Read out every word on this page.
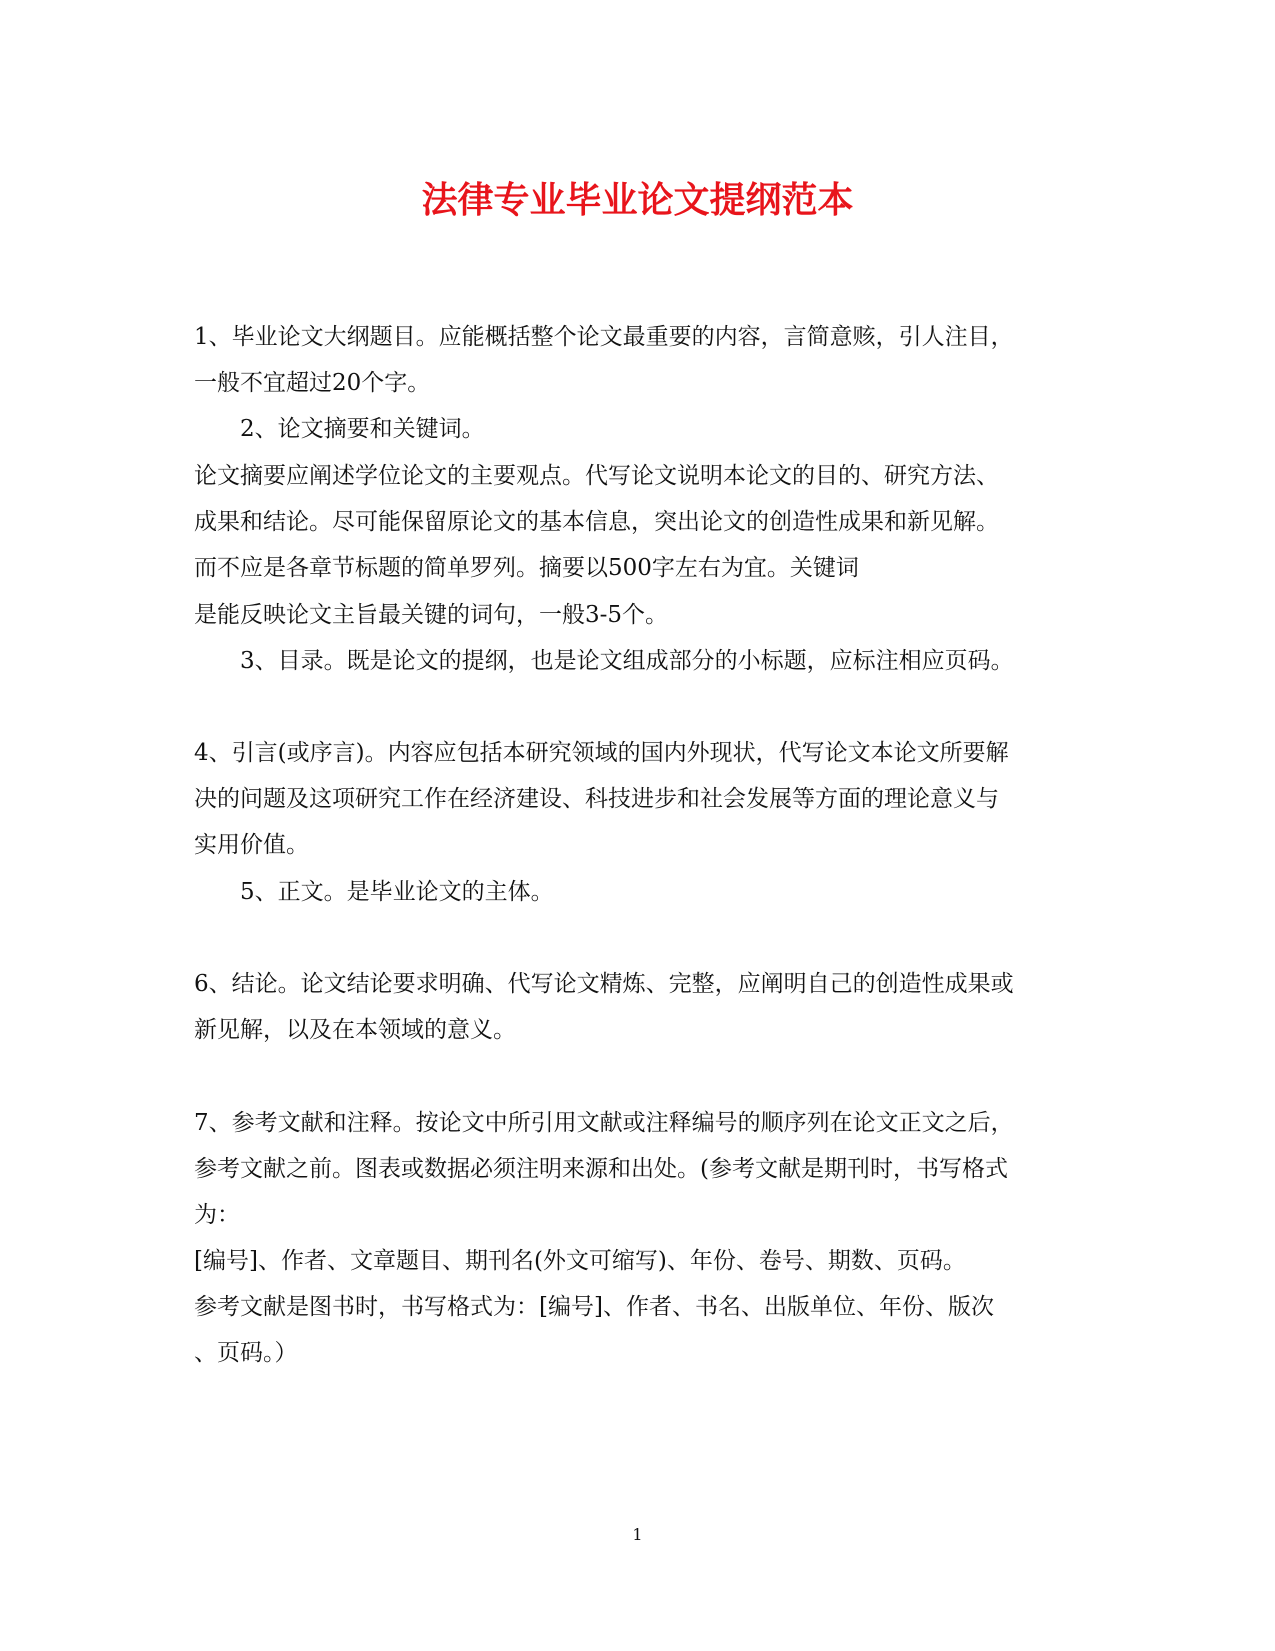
法律专业毕业论文提纲范本
1、毕业论文大纲题目。应能概括整个论文最重要的内容，言简意赅，引人注目，
一般不宜超过20个字。
2、论文摘要和关键词。
论文摘要应阐述学位论文的主要观点。代写论文说明本论文的目的、研究方法、
成果和结论。尽可能保留原论文的基本信息，突出论文的创造性成果和新见解。
而不应是各章节标题的简单罗列。摘要以500字左右为宜。关键词
是能反映论文主旨最关键的词句，一般3-5个。
3、目录。既是论文的提纲，也是论文组成部分的小标题，应标注相应页码。
4、引言(或序言)。内容应包括本研究领域的国内外现状，代写论文本论文所要解
决的问题及这项研究工作在经济建设、科技进步和社会发展等方面的理论意义与
实用价值。
5、正文。是毕业论文的主体。
6、结论。论文结论要求明确、代写论文精炼、完整，应阐明自己的创造性成果或
新见解，以及在本领域的意义。
7、参考文献和注释。按论文中所引用文献或注释编号的顺序列在论文正文之后，
参考文献之前。图表或数据必须注明来源和出处。(参考文献是期刊时，书写格式
为：
[编号]、作者、文章题目、期刊名(外文可缩写)、年份、卷号、期数、页码。
参考文献是图书时，书写格式为：[编号]、作者、书名、出版单位、年份、版次
、页码。）
1
